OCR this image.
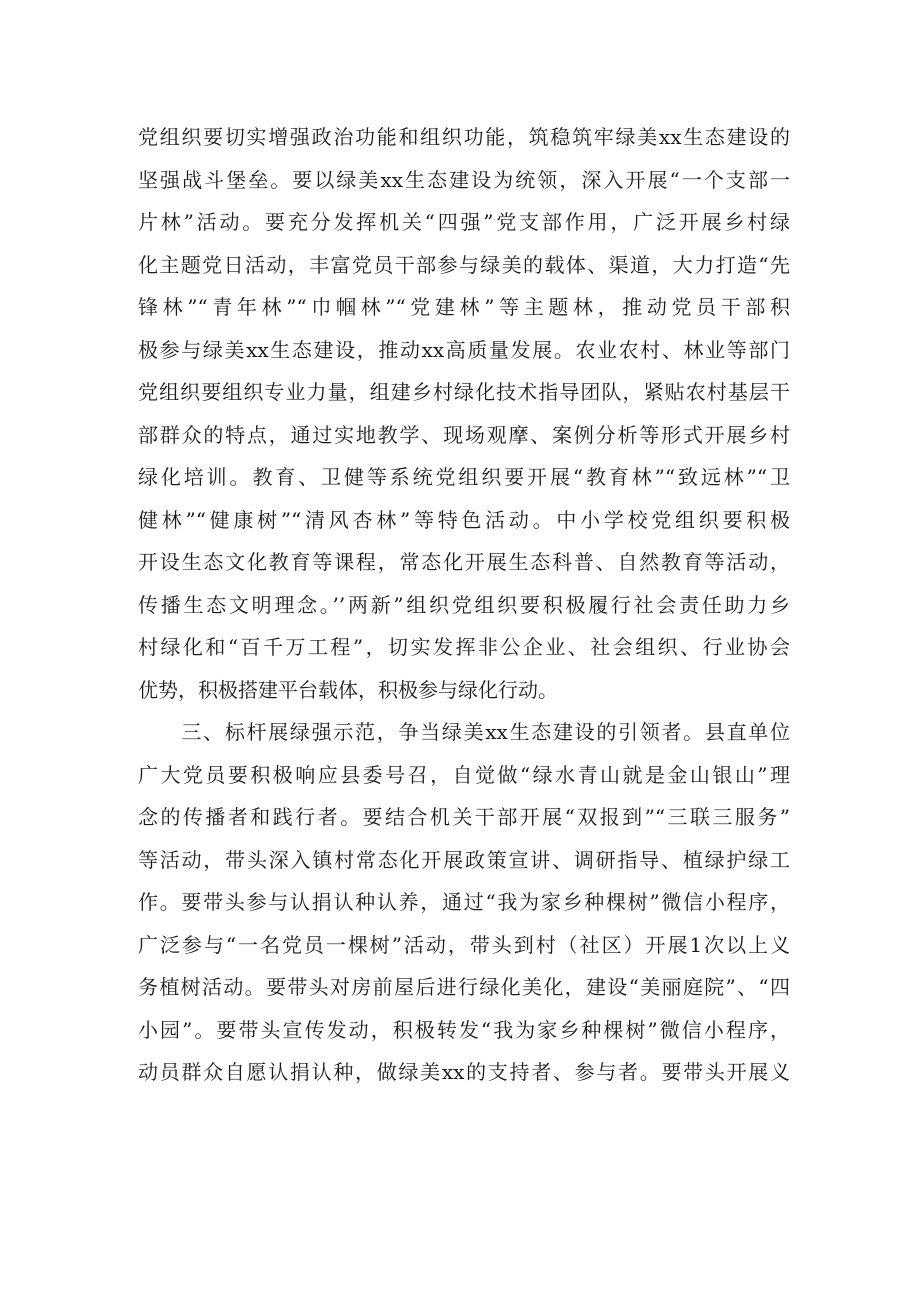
党组织要切实增强政治功能和组织功能，筑稳筑牢绿美xx生态建设的
坚强战斗堡垒。要以绿美xx生态建设为统领，深入开展“一个支部一
片林”活动。要充分发挥机关“四强”党支部作用，广泛开展乡村绿
化主题党日活动，丰富党员干部参与绿美的载体、渠道，大力打造“先
锋林”“青年林”“巾帼林”“党建林”等主题林，推动党员干部积
极参与绿美xx生态建设，推动xx高质量发展。农业农村、林业等部门
党组织要组织专业力量，组建乡村绿化技术指导团队，紧贴农村基层干
部群众的特点，通过实地教学、现场观摩、案例分析等形式开展乡村
绿化培训。教育、卫健等系统党组织要开展“教育林”“致远林”“卫
健林”“健康树”“清风杏林”等特色活动。中小学校党组织要积极
开设生态文化教育等课程，常态化开展生态科普、自然教育等活动，
传播生态文明理念。’’两新”组织党组织要积极履行社会责任助力乡
村绿化和“百千万工程”，切实发挥非公企业、社会组织、行业协会
优势，积极搭建平台载体，积极参与绿化行动。
　　三、标杆展绿强示范，争当绿美xx生态建设的引领者。县直单位
广大党员要积极响应县委号召，自觉做“绿水青山就是金山银山”理
念的传播者和践行者。要结合机关干部开展“双报到”“三联三服务”
等活动，带头深入镇村常态化开展政策宣讲、调研指导、植绿护绿工
作。要带头参与认捐认种认养，通过“我为家乡种棵树”微信小程序，
广泛参与“一名党员一棵树”活动，带头到村（社区）开展1次以上义
务植树活动。要带头对房前屋后进行绿化美化，建设“美丽庭院”、“四
小园”。要带头宣传发动，积极转发“我为家乡种棵树”微信小程序，
动员群众自愿认捐认种，做绿美xx的支持者、参与者。要带头开展义
